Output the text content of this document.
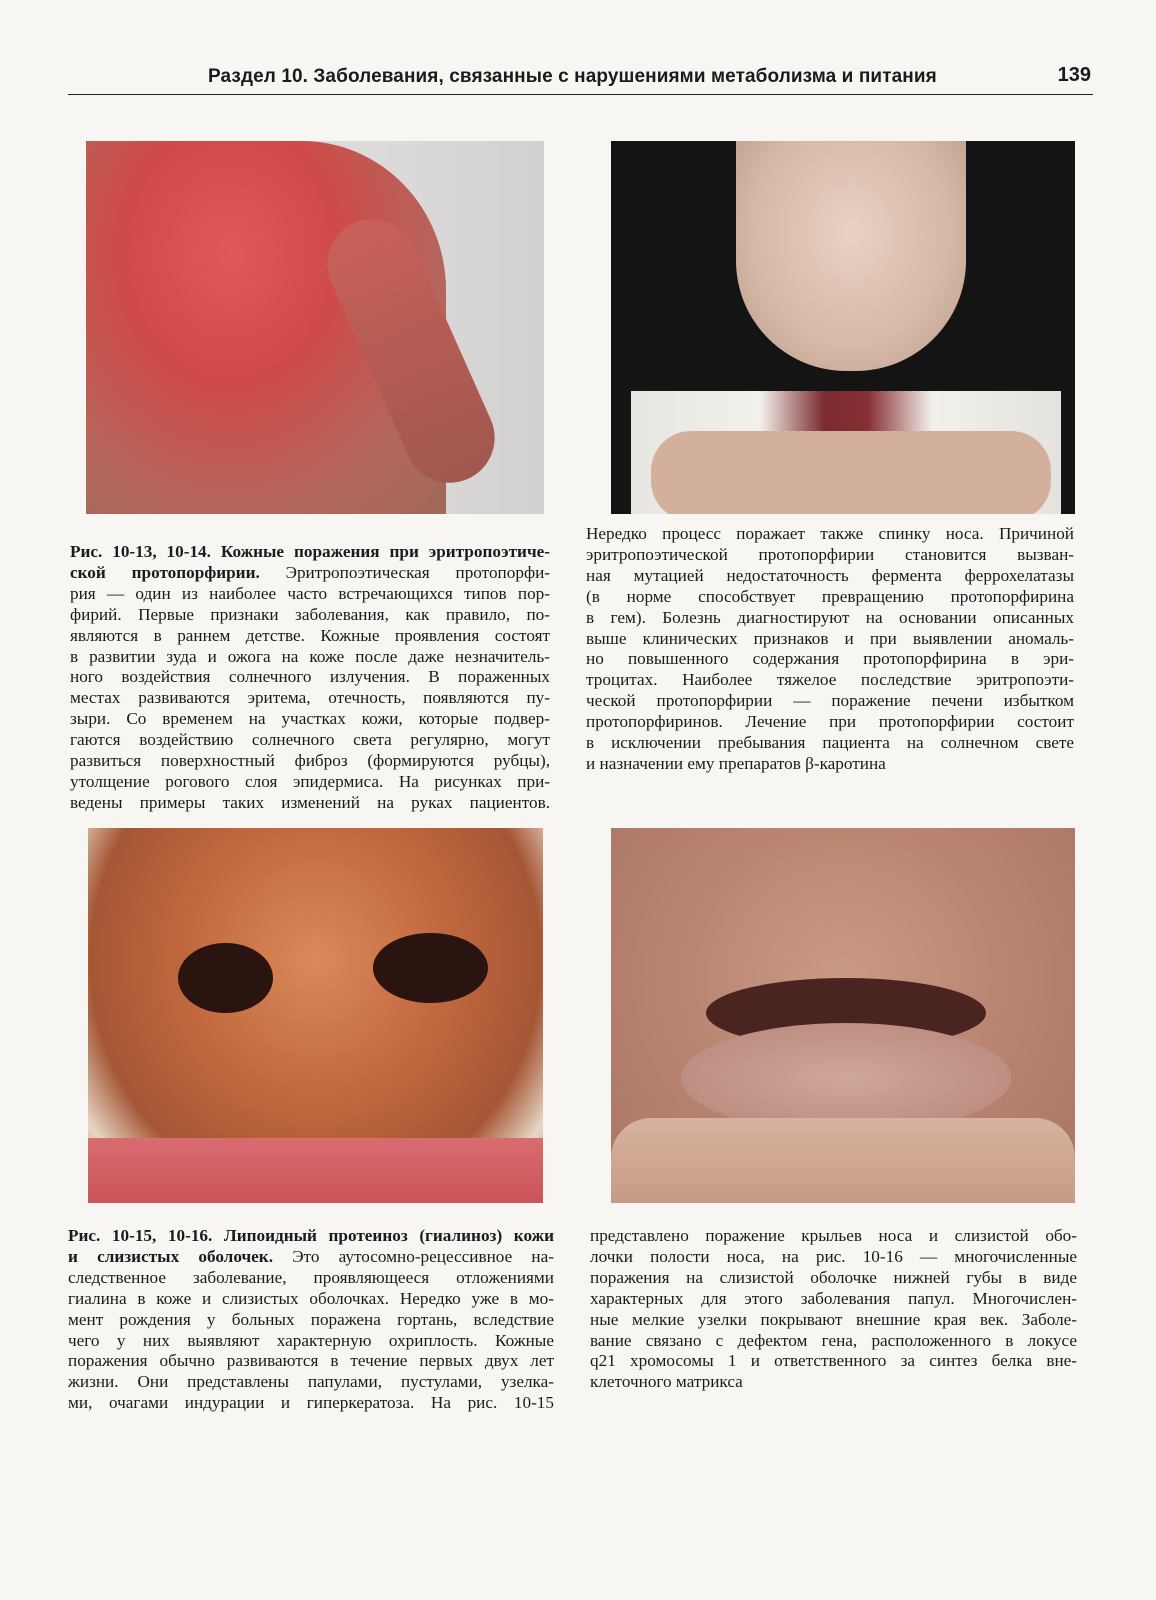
Раздел 10. Заболевания, связанные с нарушениями метаболизма и питания	139
Рис. 10-13, 10-14. Кожные поражения при эритропоэтиче-
ской протопорфирии. Эритропоэтическая протопорфи-
рия — один из наиболее часто встречающихся типов пор-
фирий. Первые признаки заболевания, как правило, по-
являются в раннем детстве. Кожные проявления состоят
в развитии зуда и ожога на коже после даже незначитель-
ного воздействия солнечного излучения. В пораженных
местах развиваются эритема, отечность, появляются пу-
зыри. Со временем на участках кожи, которые подвер-
гаются воздействию солнечного света регулярно, могут
развиться поверхностный фиброз (формируются рубцы),
утолщение рогового слоя эпидермиса. На рисунках при-
ведены примеры таких изменений на руках пациентов.
Нередко процесс поражает также спинку носа. Причиной
эритропоэтической протопорфирии становится вызван-
ная мутацией недостаточность фермента феррохелатазы
(в норме способствует превращению протопорфирина
в гем). Болезнь диагностируют на основании описанных
выше клинических признаков и при выявлении аномаль-
но повышенного содержания протопорфирина в эри-
троцитах. Наиболее тяжелое последствие эритропоэти-
ческой протопорфирии — поражение печени избытком
протопорфиринов. Лечение при протопорфирии состоит
в исключении пребывания пациента на солнечном свете
и назначении ему препаратов β-каротина
Рис. 10-15, 10-16. Липоидный протеиноз (гиалиноз) кожи
и слизистых оболочек. Это аутосомно-рецессивное на-
следственное заболевание, проявляющееся отложениями
гиалина в коже и слизистых оболочках. Нередко уже в мо-
мент рождения у больных поражена гортань, вследствие
чего у них выявляют характерную охриплость. Кожные
поражения обычно развиваются в течение первых двух лет
жизни. Они представлены папулами, пустулами, узелка-
ми, очагами индурации и гиперкератоза. На рис. 10-15
представлено поражение крыльев носа и слизистой обо-
лочки полости носа, на рис. 10-16 — многочисленные
поражения на слизистой оболочке нижней губы в виде
характерных для этого заболевания папул. Многочислен-
ные мелкие узелки покрывают внешние края век. Заболе-
вание связано с дефектом гена, расположенного в локусе
q21 хромосомы 1 и ответственного за синтез белка вне-
клеточного матрикса
